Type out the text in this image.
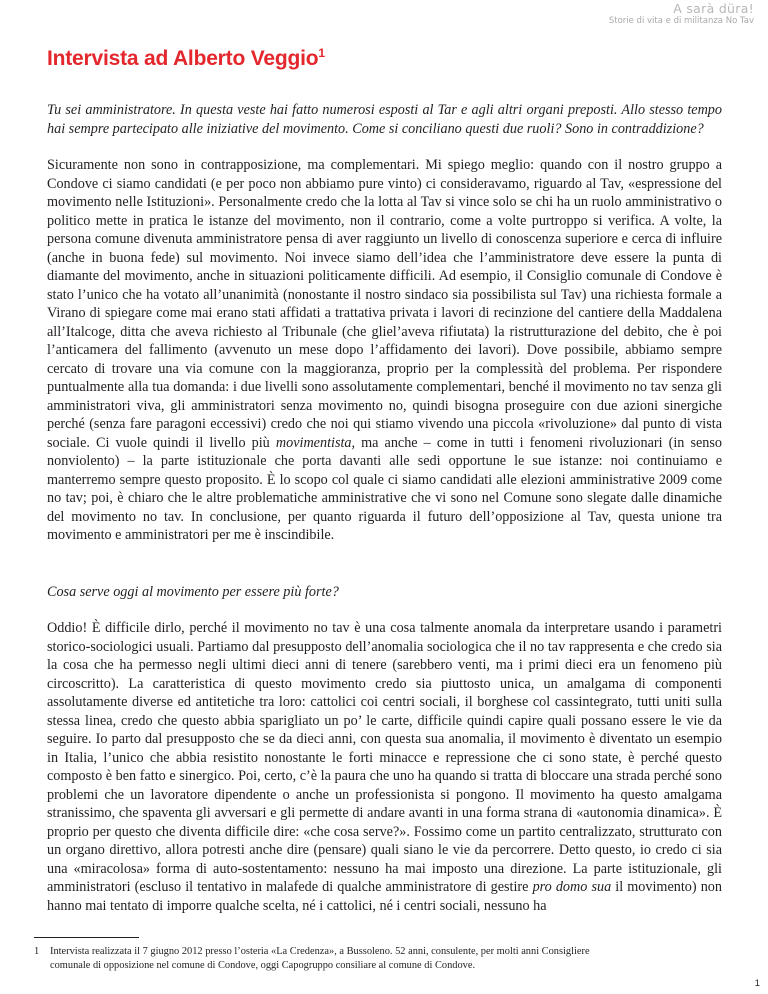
A sarà düra!
Storie di vita e di militanza No Tav
Intervista ad Alberto Veggio$^1$

Tu sei amministratore. In questa veste hai fatto numerosi esposti al Tar e agli altri organi preposti. Allo stesso tempo hai sempre partecipato alle iniziative del movimento. Come si conciliano questi due ruoli? Sono in contraddizione?

Sicuramente non sono in contrapposizione, ma complementari. Mi spiego meglio: quando con il nostro gruppo a Condove ci siamo candidati (e per poco non abbiamo pure vinto) ci consideravamo, riguardo al Tav, «espressione del movimento nelle Istituzioni». Personalmente credo che la lotta al Tav si vince solo se chi ha un ruolo amministrativo o politico mette in pratica le istanze del movimento, non il contrario, come a volte purtroppo si verifica. A volte, la persona comune divenuta amministratore pensa di aver raggiunto un livello di conoscenza superiore e cerca di influire (anche in buona fede) sul movimento. Noi invece siamo dell’idea che l’amministratore deve essere la punta di diamante del movimento, anche in situazioni politicamente difficili. Ad esempio, il Consiglio comunale di Condove è stato l’unico che ha votato all’unanimità (nonostante il nostro sindaco sia possibilista sul Tav) una richiesta formale a Virano di spiegare come mai erano stati affidati a trattativa privata i lavori di recinzione del cantiere della Maddalena all’Italcoge, ditta che aveva richiesto al Tribunale (che gliel’aveva rifiutata) la ristrutturazione del debito, che è poi l’anticamera del fallimento (avvenuto un mese dopo l’affidamento dei lavori). Dove possibile, abbiamo sempre cercato di trovare una via comune con la maggioranza, proprio per la complessità del problema. Per rispondere puntualmente alla tua domanda: i due livelli sono assolutamente complementari, benché il movimento no tav senza gli amministratori viva, gli amministratori senza movimento no, quindi bisogna proseguire con due azioni sinergiche perché (senza fare paragoni eccessivi) credo che noi qui stiamo vivendo una piccola «rivoluzione» dal punto di vista sociale. Ci vuole quindi il livello più movimentista, ma anche – come in tutti i fenomeni rivoluzionari (in senso nonviolento) – la parte istituzionale che porta davanti alle sedi opportune le sue istanze: noi continuiamo e manterremo sempre questo proposito. È lo scopo col quale ci siamo candidati alle elezioni amministrative 2009 come no tav; poi, è chiaro che le altre problematiche amministrative che vi sono nel Comune sono slegate dalle dinamiche del movimento no tav. In conclusione, per quanto riguarda il futuro dell’opposizione al Tav, questa unione tra movimento e amministratori per me è inscindibile.

Cosa serve oggi al movimento per essere più forte?

Oddio! È difficile dirlo, perché il movimento no tav è una cosa talmente anomala da interpretare usando i parametri storico-sociologici usuali. Partiamo dal presupposto dell’anomalia sociologica che il no tav rappresenta e che credo sia la cosa che ha permesso negli ultimi dieci anni di tenere (sarebbero venti, ma i primi dieci era un fenomeno più circoscritto). La caratteristica di questo movimento credo sia piuttosto unica, un amalgama di componenti assolutamente diverse ed antitetiche tra loro: cattolici coi centri sociali, il borghese col cassintegrato, tutti uniti sulla stessa linea, credo che questo abbia sparigliato un po’ le carte, difficile quindi capire quali possano essere le vie da seguire. Io parto dal presupposto che se da dieci anni, con questa sua anomalia, il movimento è diventato un esempio in Italia, l’unico che abbia resistito nonostante le forti minacce e repressione che ci sono state, è perché questo composto è ben fatto e sinergico. Poi, certo, c’è la paura che uno ha quando si tratta di bloccare una strada perché sono problemi che un lavoratore dipendente o anche un professionista si pongono. Il movimento ha questo amalgama stranissimo, che spaventa gli avversari e gli permette di andare avanti in una forma strana di «autonomia dinamica». È proprio per questo che diventa difficile dire: «che cosa serve?». Fossimo come un partito centralizzato, strutturato con un organo direttivo, allora potresti anche dire (pensare) quali siano le vie da percorrere. Detto questo, io credo ci sia una «miracolosa» forma di auto-sostentamento: nessuno ha mai imposto una direzione. La parte istituzionale, gli amministratori (escluso il tentativo in malafede di qualche amministratore di gestire pro domo sua il movimento) non hanno mai tentato di imporre qualche scelta, né i cattolici, né i centri sociali, nessuno ha

1 Intervista realizzata il 7 giugno 2012 presso l’osteria «La Credenza», a Bussoleno. 52 anni, consulente, per molti anni Consigliere
comunale di opposizione nel comune di Condove, oggi Capogruppo consiliare al comune di Condove.
1
